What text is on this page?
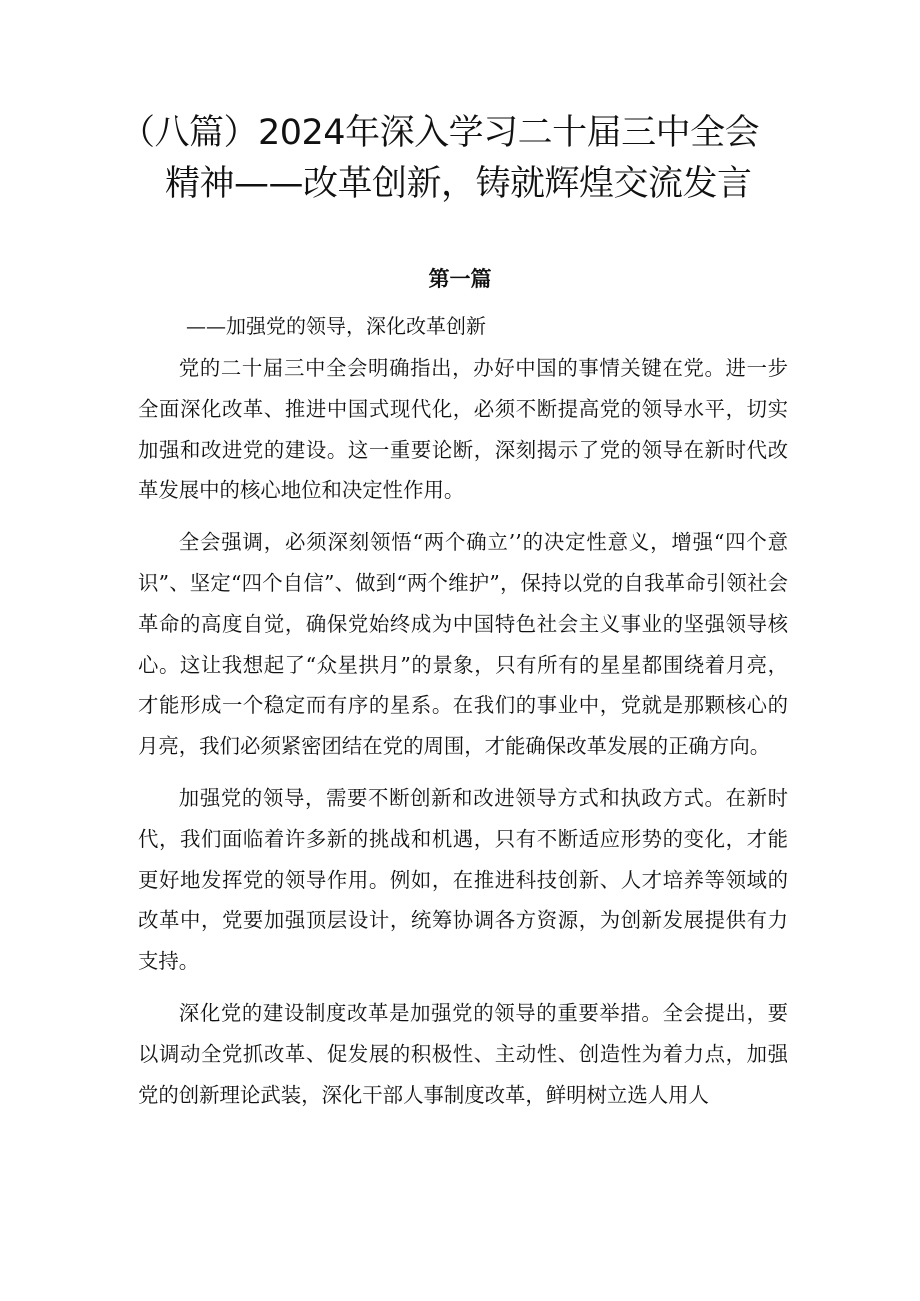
（八篇）2024年深入学习二十届三中全会
精神——改革创新，铸就辉煌交流发言
第一篇

——加强党的领导，深化改革创新

党的二十届三中全会明确指出，办好中国的事情关键在党。进一步全面深化改革、推进中国式现代化，必须不断提高党的领导水平，切实加强和改进党的建设。这一重要论断，深刻揭示了党的领导在新时代改革发展中的核心地位和决定性作用。

全会强调，必须深刻领悟“两个确立’’的决定性意义，增强“四个意识”、坚定“四个自信”、做到“两个维护”，保持以党的自我革命引领社会革命的高度自觉，确保党始终成为中国特色社会主义事业的坚强领导核心。这让我想起了“众星拱月”的景象，只有所有的星星都围绕着月亮，才能形成一个稳定而有序的星系。在我们的事业中，党就是那颗核心的月亮，我们必须紧密团结在党的周围，才能确保改革发展的正确方向。

加强党的领导，需要不断创新和改进领导方式和执政方式。在新时代，我们面临着许多新的挑战和机遇，只有不断适应形势的变化，才能更好地发挥党的领导作用。例如，在推进科技创新、人才培养等领域的改革中，党要加强顶层设计，统筹协调各方资源，为创新发展提供有力支持。

深化党的建设制度改革是加强党的领导的重要举措。全会提出，要以调动全党抓改革、促发展的积极性、主动性、创造性为着力点，加强党的创新理论武装，深化干部人事制度改革，鲜明树立选人用人
